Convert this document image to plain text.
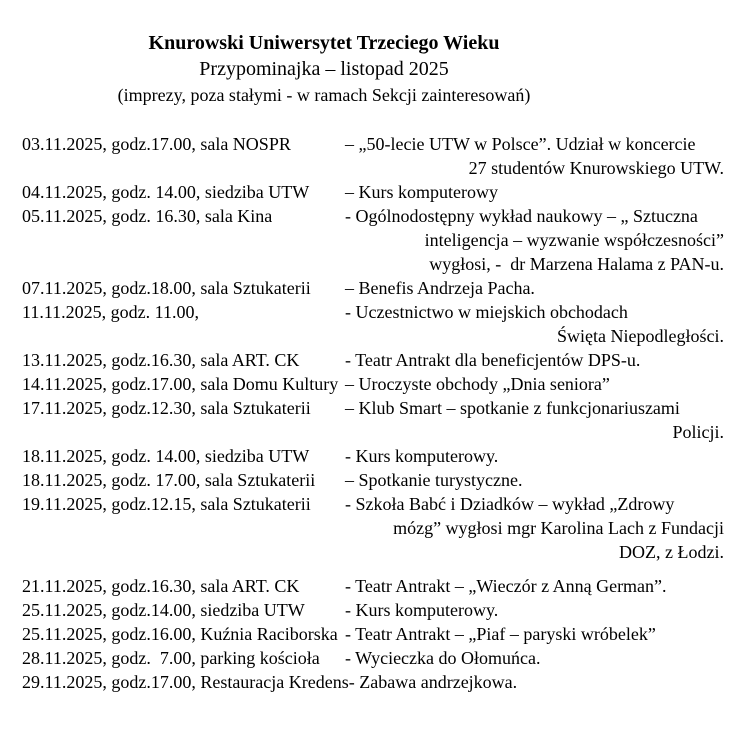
Knurowski Uniwersytet Trzeciego Wieku
Przypominajka – listopad 2025
(imprezy, poza stałymi - w ramach Sekcji zainteresowań)
03.11.2025, godz.17.00, sala NOSPR	– „50-lecie UTW w Polsce”. Udział w koncercie
27 studentów Knurowskiego UTW.
04.11.2025, godz. 14.00, siedziba UTW	– Kurs komputerowy
05.11.2025, godz. 16.30, sala Kina	- Ogólnodostępny wykład naukowy – „ Sztuczna
inteligencja – wyzwanie współczesności”
wygłosi, -  dr Marzena Halama z PAN-u.
07.11.2025, godz.18.00, sala Sztukaterii	– Benefis Andrzeja Pacha.
11.11.2025, godz. 11.00,	- Uczestnictwo w miejskich obchodach
Święta Niepodległości.
13.11.2025, godz.16.30, sala ART. CK	- Teatr Antrakt dla beneficjentów DPS-u.
14.11.2025, godz.17.00, sala Domu Kultury – Uroczyste obchody „Dnia seniora”
17.11.2025, godz.12.30, sala Sztukaterii	– Klub Smart – spotkanie z funkcjonariuszami
Policji.
18.11.2025, godz. 14.00, siedziba UTW	- Kurs komputerowy.
18.11.2025, godz. 17.00, sala Sztukaterii	– Spotkanie turystyczne.
19.11.2025, godz.12.15, sala Sztukaterii	- Szkoła Babć i Dziadków – wykład „Zdrowy
mózg” wygłosi mgr Karolina Lach z Fundacji
DOZ, z Łodzi.
21.11.2025, godz.16.30, sala ART. CK	- Teatr Antrakt – „Wieczór z Anną German”.
25.11.2025, godz.14.00, siedziba UTW	- Kurs komputerowy.
25.11.2025, godz.16.00, Kuźnia Raciborska - Teatr Antrakt – „Piaf – paryski wróbelek”
28.11.2025, godz.  7.00, parking kościoła	- Wycieczka do Ołomuńca.
29.11.2025, godz.17.00, Restauracja Kredens - Zabawa andrzejkowa.
